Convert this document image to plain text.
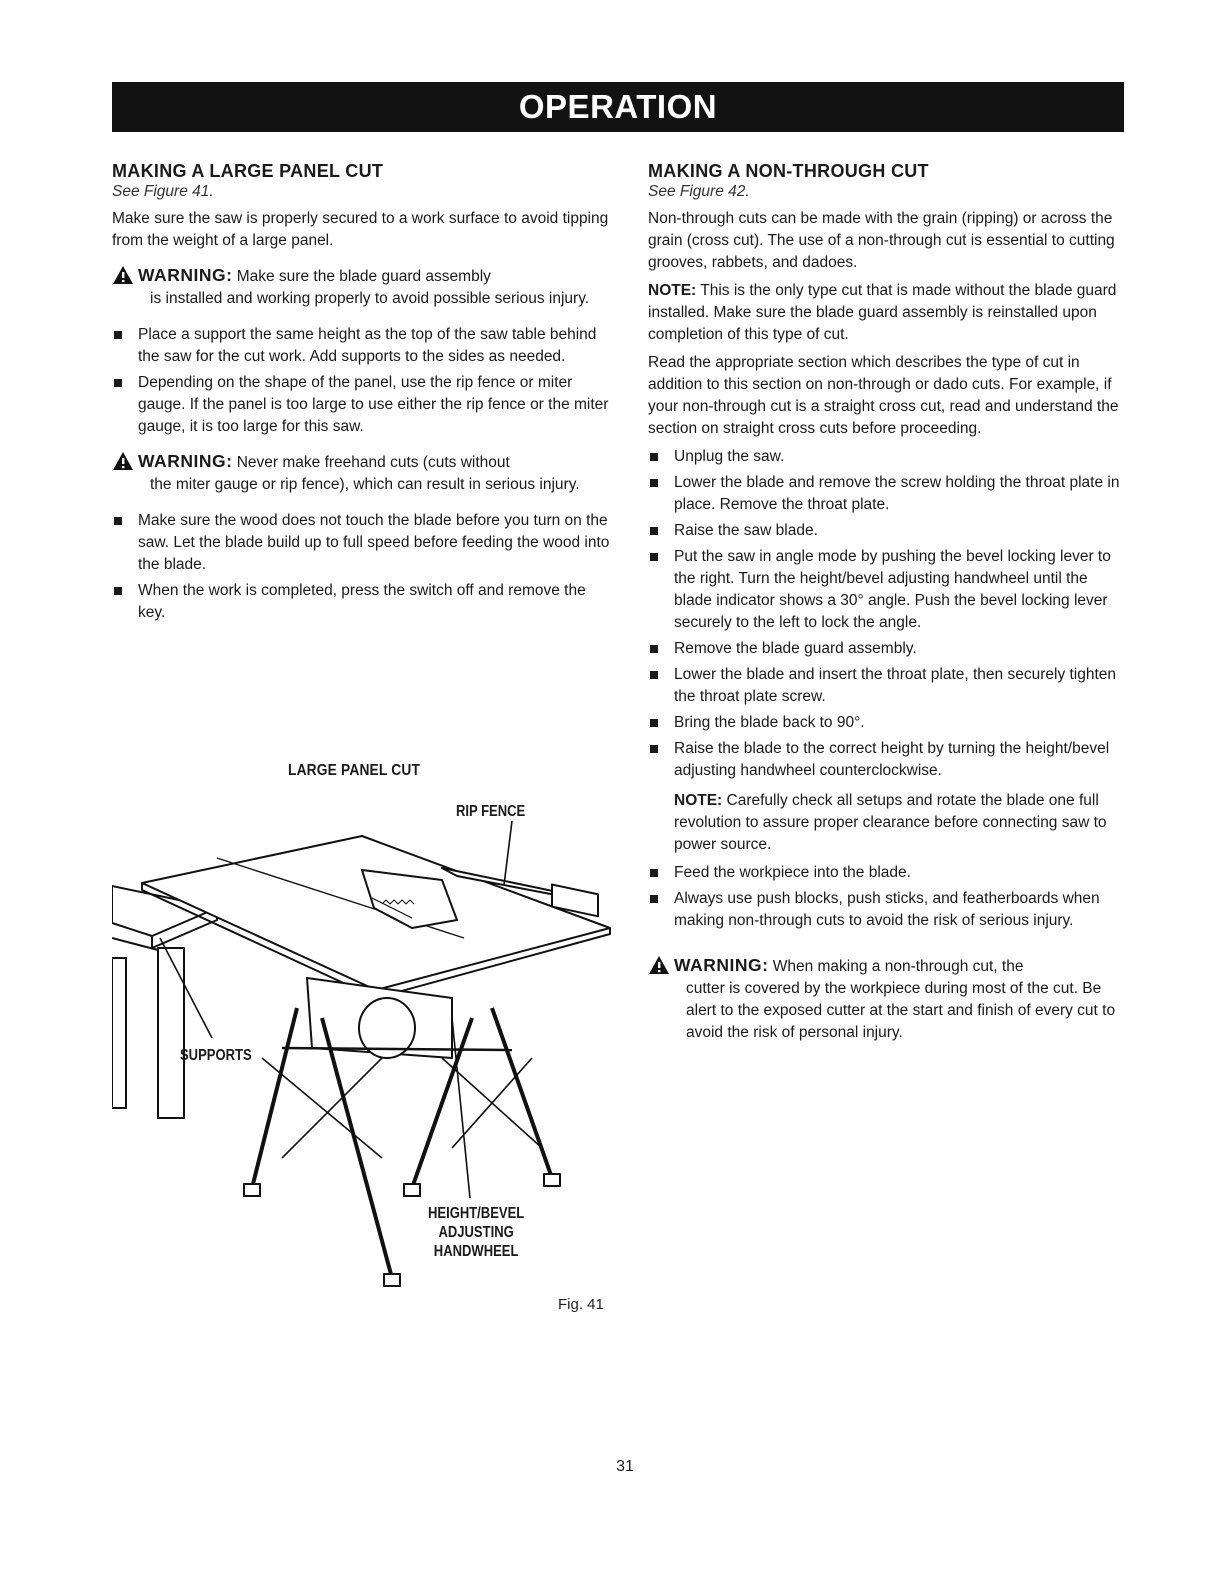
OPERATION
MAKING A LARGE PANEL CUT
See Figure 41.

Make sure the saw is properly secured to a work surface to avoid tipping from the weight of a large panel.

WARNING: Make sure the blade guard assembly
is installed and working properly to avoid possible serious injury.
Place a support the same height as the top of the saw table behind the saw for the cut work. Add supports to the sides as needed.
Depending on the shape of the panel, use the rip fence or miter gauge. If the panel is too large to use either the rip fence or the miter gauge, it is too large for this saw.
WARNING: Never make freehand cuts (cuts without
the miter gauge or rip fence), which can result in serious injury.
Make sure the wood does not touch the blade before you turn on the saw. Let the blade build up to full speed before feeding the wood into the blade.
When the work is completed, press the switch off and remove the key.
LARGE PANEL CUT
RIP FENCE
SUPPORTS
HEIGHT/BEVEL
ADJUSTING
HANDWHEEL
Fig. 41
MAKING A NON-THROUGH CUT
See Figure 42.

Non-through cuts can be made with the grain (ripping) or across the grain (cross cut). The use of a non-through cut is essential to cutting grooves, rabbets, and dadoes.

NOTE: This is the only type cut that is made without the blade guard installed. Make sure the blade guard assembly is reinstalled upon completion of this type of cut.

Read the appropriate section which describes the type of cut in addition to this section on non-through or dado cuts. For example, if your non-through cut is a straight cross cut, read and understand the section on straight cross cuts before proceeding.

Unplug the saw.
Lower the blade and remove the screw holding the throat plate in place. Remove the throat plate.
Raise the saw blade.
Put the saw in angle mode by pushing the bevel locking lever to the right. Turn the height/bevel adjusting handwheel until the blade indicator shows a 30° angle. Push the bevel locking lever securely to the left to lock the angle.
Remove the blade guard assembly.
Lower the blade and insert the throat plate, then securely tighten the throat plate screw.
Bring the blade back to 90°.
Raise the blade to the correct height by turning the height/bevel adjusting handwheel counterclockwise.
NOTE: Carefully check all setups and rotate the blade one full revolution to assure proper clearance before connecting saw to power source.
Feed the workpiece into the blade.
Always use push blocks, push sticks, and featherboards when making non-through cuts to avoid the risk of serious injury.
WARNING: When making a non-through cut, the
cutter is covered by the workpiece during most of the cut. Be alert to the exposed cutter at the start and finish of every cut to avoid the risk of personal injury.
31
